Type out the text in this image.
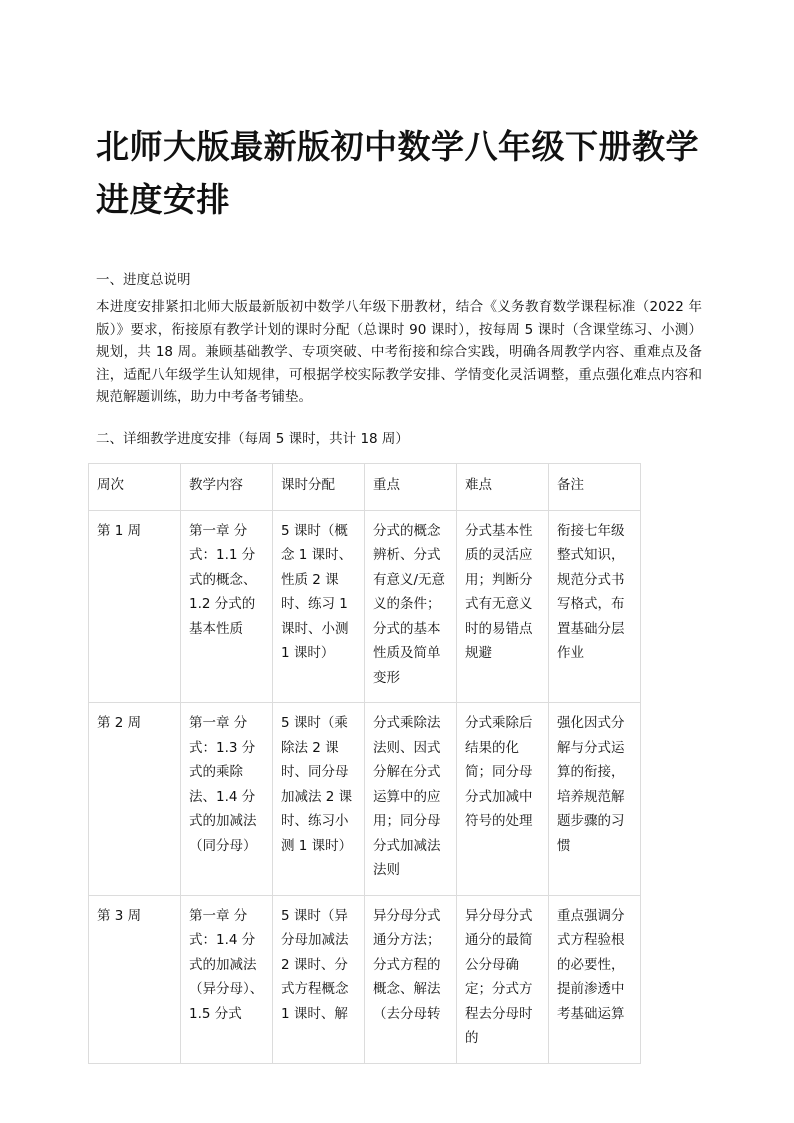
北师大版最新版初中数学八年级下册教学进度安排

一、进度总说明

本进度安排紧扣北师大版最新版初中数学八年级下册教材，结合《义务教育数学课程标准（2022 年版）》要求，衔接原有教学计划的课时分配（总课时 90 课时），按每周 5 课时（含课堂练习、小测）规划，共 18 周。兼顾基础教学、专项突破、中考衔接和综合实践，明确各周教学内容、重难点及备注，适配八年级学生认知规律，可根据学校实际教学安排、学情变化灵活调整，重点强化难点内容和规范解题训练，助力中考备考铺垫。

二、详细教学进度安排（每周 5 课时，共计 18 周）

周次	教学内容	课时分配	重点	难点	备注
第 1 周	第一章 分式：1.1 分式的概念、1.2 分式的基本性质	5 课时（概念 1 课时、性质 2 课时、练习 1 课时、小测 1 课时）	分式的概念辨析、分式有意义/无意义的条件；分式的基本性质及简单变形	分式基本性质的灵活应用；判断分式有无意义时的易错点规避	衔接七年级整式知识，规范分式书写格式，布置基础分层作业
第 2 周	第一章 分式：1.3 分式的乘除法、1.4 分式的加减法（同分母）	5 课时（乘除法 2 课时、同分母加减法 2 课时、练习小测 1 课时）	分式乘除法法则、因式分解在分式运算中的应用；同分母分式加减法法则	分式乘除后结果的化简；同分母分式加减中符号的处理	强化因式分解与分式运算的衔接，培养规范解题步骤的习惯
第 3 周	第一章 分式：1.4 分式的加减法（异分母）、1.5 分式	5 课时（异分母加减法 2 课时、分式方程概念 1 课时、解	异分母分式通分方法；分式方程的概念、解法（去分母转	异分母分式通分的最简公分母确定；分式方程去分母时的	重点强调分式方程验根的必要性，提前渗透中考基础运算
